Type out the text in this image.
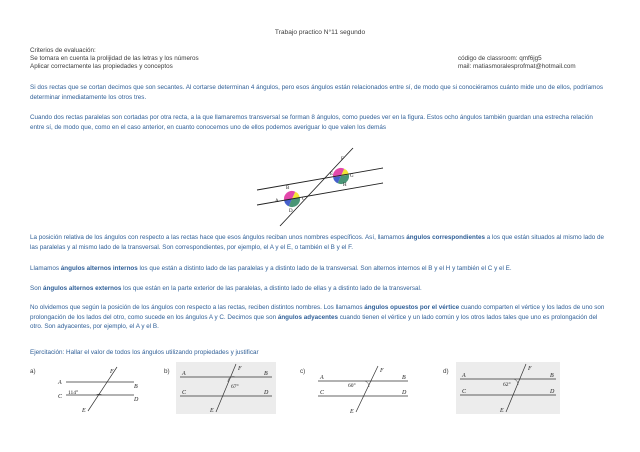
Trabajo practico N°11 segundo
Criterios de evaluación:
Se tomara en cuenta la prolijidad de las letras y los números
Aplicar correctamente las propiedades y conceptos
código de classroom: qmf6jg5
mail: matiasmoralesprofmat@hotmail.com
Si dos rectas que se cortan decimos que son secantes. Al cortarse determinan 4 ángulos, pero esos ángulos están relacionados entre sí, de modo que si conociéramos cuánto mide uno de ellos, podríamos determinar inmediatamente los otros tres.
Cuando dos rectas paralelas son cortadas por otra recta, a la que llamaremos transversal se forman 8 ángulos, como puedes ver en la figura. Estos ocho ángulos también guardan una estrecha relación entre sí, de modo que, como en el caso anterior, en cuanto conocemos uno de ellos podemos averiguar lo que valen los demás
F
E	G
H
B
A	C
D
La posición relativa de los ángulos con respecto a las rectas hace que esos ángulos reciban unos nombres específicos. Así, llamamos ángulos correspondientes a los que están situados al mismo lado de las paralelas y al mismo lado de la transversal. Son correspondientes, por ejemplo, el A y el E, o también el B y el F.
Llamamos ángulos alternos internos los que están a distinto lado de las paralelas y a distinto lado de la transversal. Son alternos internos el B y el H y también el C y el E.
Son ángulos alternos externos los que están en la parte exterior de las paralelas, a distinto lado de ellas y a distinto lado de la transversal.
No olvidemos que según la posición de los ángulos con respecto a las rectas, reciben distintos nombres. Los llamamos ángulos opuestos por el vértice cuando comparten el vértice y los lados de uno son prolongación de los lados del otro, como sucede en los ángulos A y C. Decimos que son ángulos adyacentes cuando tienen el vértice y un lado común y los otros lados tales que uno es prolongación del otro. Son adyacentes, por ejemplo, el A y el B.
Ejercitación: Hallar el valor de todos los ángulos utilizando propiedades y justificar
a)	F
A
B
C	D
E
114°
b)	F
A	B
C	D
E
67°
c)	F
A	B
C	D
E
60°
d)	F
A	B
C	D
E
62°
